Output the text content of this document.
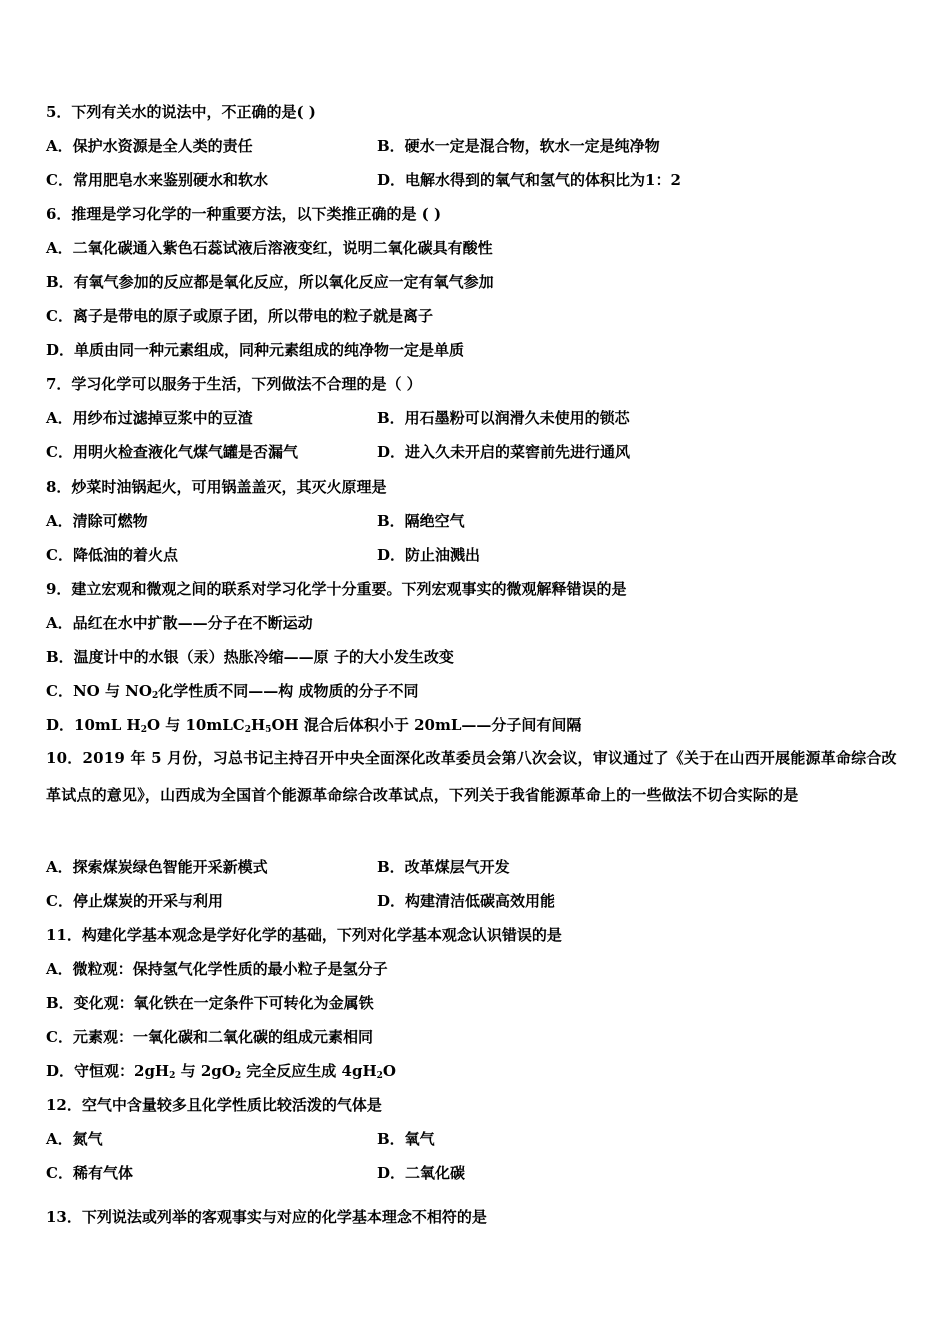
5．下列有关水的说法中，不正确的是( )
A．保护水资源是全人类的责任	B．硬水一定是混合物，软水一定是纯净物
C．常用肥皂水来鉴别硬水和软水	D．电解水得到的氧气和氢气的体积比为1：2
6．推理是学习化学的一种重要方法，以下类推正确的是 ( )
A．二氧化碳通入紫色石蕊试液后溶液变红，说明二氧化碳具有酸性
B．有氧气参加的反应都是氧化反应，所以氧化反应一定有氧气参加
C．离子是带电的原子或原子团，所以带电的粒子就是离子
D．单质由同一种元素组成，同种元素组成的纯净物一定是单质
7．学习化学可以服务于生活，下列做法不合理的是（ ）
A．用纱布过滤掉豆浆中的豆渣	B．用石墨粉可以润滑久未使用的锁芯
C．用明火检查液化气煤气罐是否漏气	D．进入久未开启的菜窖前先进行通风
8．炒菜时油锅起火，可用锅盖盖灭，其灭火原理是
A．清除可燃物	B．隔绝空气
C．降低油的着火点	D．防止油溅出
9．建立宏观和微观之间的联系对学习化学十分重要。下列宏观事实的微观解释错误的是
A．品红在水中扩散——分子在不断运动
B．温度计中的水银（汞）热胀冷缩——原 子的大小发生改变
C．NO 与 $NO_2$化学性质不同——构 成物质的分子不同
D．10mL $H_2O$ 与 $10mLC_2H_5OH$ 混合后体积小于 20mL——分子间有间隔
10．2019 年 5 月份，习总书记主持召开中央全面深化改革委员会第八次会议，审议通过了《关于在山西开展能源革命综合改革试点的意见》，山西成为全国首个能源革命综合改革试点，下列关于我省能源革命上的一些做法不切合实际的是
A．探索煤炭绿色智能开采新模式	B．改革煤层气开发
C．停止煤炭的开采与利用	D．构建清洁低碳高效用能
11．构建化学基本观念是学好化学的基础，下列对化学基本观念认识错误的是
A．微粒观：保持氢气化学性质的最小粒子是氢分子
B．变化观：氧化铁在一定条件下可转化为金属铁
C．元素观：一氧化碳和二氧化碳的组成元素相同
D．守恒观：$2gH_2$ 与 $2gO_2$ 完全反应生成 $4gH_2O$
12．空气中含量较多且化学性质比较活泼的气体是
A．氮气	B．氧气
C．稀有气体	D．二氧化碳
13．下列说法或列举的客观事实与对应的化学基本理念不相符的是
